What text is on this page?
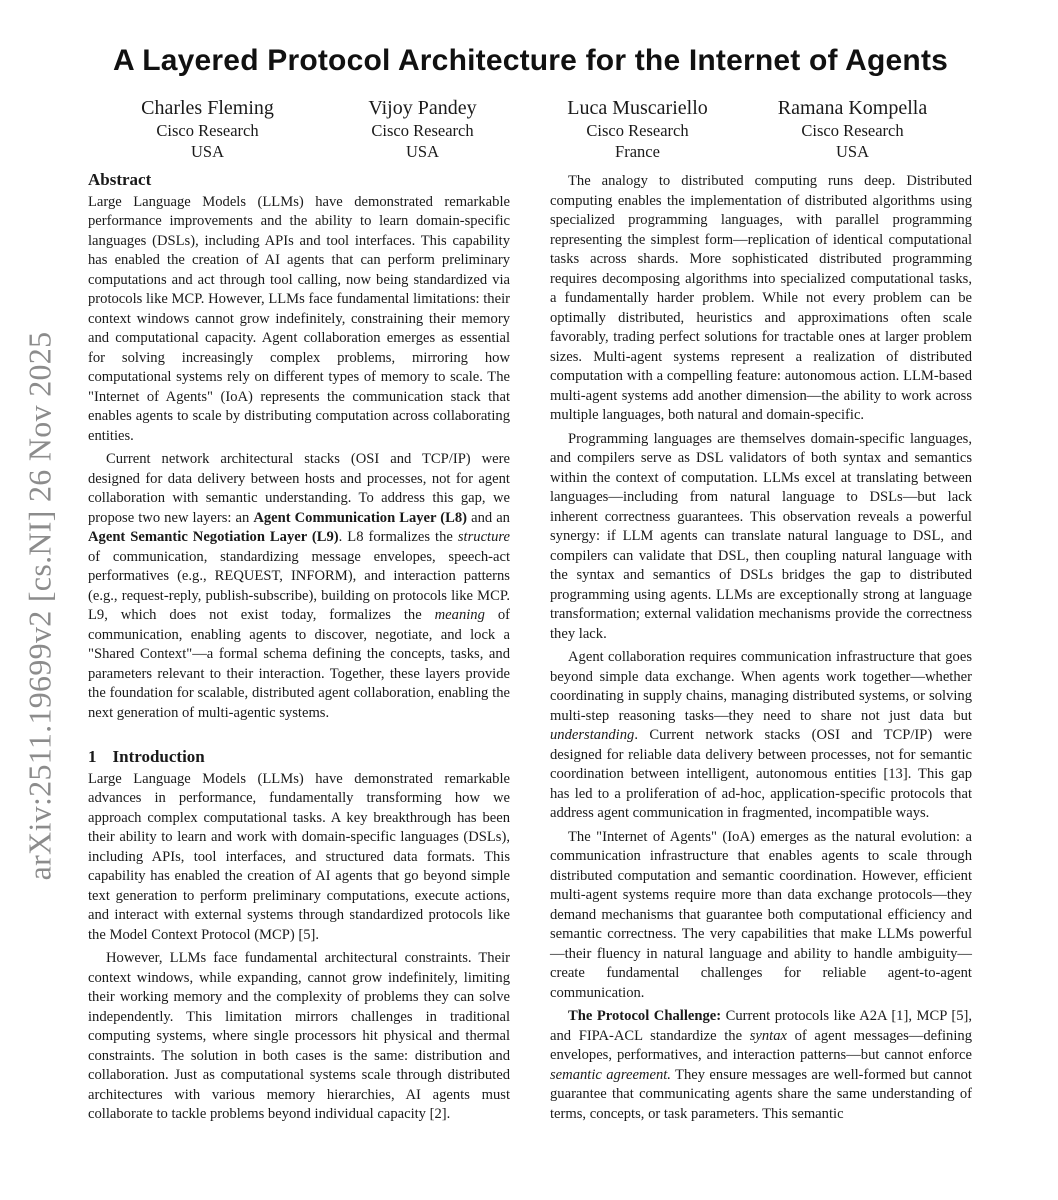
arXiv:2511.19699v2 [cs.NI] 26 Nov 2025
A Layered Protocol Architecture for the Internet of Agents
Charles Fleming
Cisco Research
USA
Vijoy Pandey
Cisco Research
USA
Luca Muscariello
Cisco Research
France
Ramana Kompella
Cisco Research
USA
Abstract

Large Language Models (LLMs) have demonstrated remarkable performance improvements and the ability to learn domain-specific languages (DSLs), including APIs and tool interfaces. This capability has enabled the creation of AI agents that can perform preliminary computations and act through tool calling, now being standardized via protocols like MCP. However, LLMs face fundamental limitations: their context windows cannot grow indefinitely, constraining their memory and computational capacity. Agent collaboration emerges as essential for solving increasingly complex problems, mirroring how computational systems rely on different types of memory to scale. The "Internet of Agents" (IoA) represents the communication stack that enables agents to scale by distributing computation across collaborating entities.

Current network architectural stacks (OSI and TCP/IP) were designed for data delivery between hosts and processes, not for agent collaboration with semantic understanding. To address this gap, we propose two new layers: an Agent Communication Layer (L8) and an Agent Semantic Negotiation Layer (L9). L8 formalizes the structure of communication, standardizing message envelopes, speech-act performatives (e.g., REQUEST, INFORM), and interaction patterns (e.g., request-reply, publish-subscribe), building on protocols like MCP. L9, which does not exist today, formalizes the meaning of communication, enabling agents to discover, negotiate, and lock a "Shared Context"—a formal schema defining the concepts, tasks, and parameters relevant to their interaction. Together, these layers provide the foundation for scalable, distributed agent collaboration, enabling the next generation of multi-agentic systems.

1 Introduction

Large Language Models (LLMs) have demonstrated remarkable advances in performance, fundamentally transforming how we approach complex computational tasks. A key breakthrough has been their ability to learn and work with domain-specific languages (DSLs), including APIs, tool interfaces, and structured data formats. This capability has enabled the creation of AI agents that go beyond simple text generation to perform preliminary computations, execute actions, and interact with external systems through standardized protocols like the Model Context Protocol (MCP) [5].

However, LLMs face fundamental architectural constraints. Their context windows, while expanding, cannot grow indefinitely, limiting their working memory and the complexity of problems they can solve independently. This limitation mirrors challenges in traditional computing systems, where single processors hit physical and thermal constraints. The solution in both cases is the same: distribution and collaboration. Just as computational systems scale through distributed architectures with various memory hierarchies, AI agents must collaborate to tackle problems beyond individual capacity [2].

The analogy to distributed computing runs deep. Distributed computing enables the implementation of distributed algorithms using specialized programming languages, with parallel programming representing the simplest form—replication of identical computational tasks across shards. More sophisticated distributed programming requires decomposing algorithms into specialized computational tasks, a fundamentally harder problem. While not every problem can be optimally distributed, heuristics and approximations often scale favorably, trading perfect solutions for tractable ones at larger problem sizes. Multi-agent systems represent a realization of distributed computation with a compelling feature: autonomous action. LLM-based multi-agent systems add another dimension—the ability to work across multiple languages, both natural and domain-specific.

Programming languages are themselves domain-specific languages, and compilers serve as DSL validators of both syntax and semantics within the context of computation. LLMs excel at translating between languages—including from natural language to DSLs—but lack inherent correctness guarantees. This observation reveals a powerful synergy: if LLM agents can translate natural language to DSL, and compilers can validate that DSL, then coupling natural language with the syntax and semantics of DSLs bridges the gap to distributed programming using agents. LLMs are exceptionally strong at language transformation; external validation mechanisms provide the correctness they lack.

Agent collaboration requires communication infrastructure that goes beyond simple data exchange. When agents work together—whether coordinating in supply chains, managing distributed systems, or solving multi-step reasoning tasks—they need to share not just data but understanding. Current network stacks (OSI and TCP/IP) were designed for reliable data delivery between processes, not for semantic coordination between intelligent, autonomous entities [13]. This gap has led to a proliferation of ad-hoc, application-specific protocols that address agent communication in fragmented, incompatible ways.

The "Internet of Agents" (IoA) emerges as the natural evolution: a communication infrastructure that enables agents to scale through distributed computation and semantic coordination. However, efficient multi-agent systems require more than data exchange protocols—they demand mechanisms that guarantee both computational efficiency and semantic correctness. The very capabilities that make LLMs powerful—their fluency in natural language and ability to handle ambiguity—create fundamental challenges for reliable agent-to-agent communication.

The Protocol Challenge: Current protocols like A2A [1], MCP [5], and FIPA-ACL standardize the syntax of agent messages—defining envelopes, performatives, and interaction patterns—but cannot enforce semantic agreement. They ensure messages are well-formed but cannot guarantee that communicating agents share the same understanding of terms, concepts, or task parameters. This semantic
